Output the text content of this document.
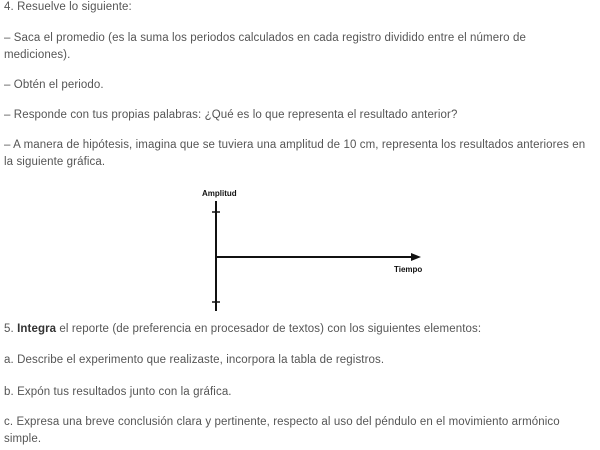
4. Resuelve lo siguiente:

– Saca el promedio (es la suma los periodos calculados en cada registro dividido entre el número de mediciones).

– Obtén el periodo.

– Responde con tus propias palabras: ¿Qué es lo que representa el resultado anterior?

– A manera de hipótesis, imagina que se tuviera una amplitud de 10 cm, representa los resultados anteriores en la siguiente gráfica.

Amplitud
Tiempo

5. Integra el reporte (de preferencia en procesador de textos) con los siguientes elementos:

a. Describe el experimento que realizaste, incorpora la tabla de registros.

b. Expón tus resultados junto con la gráfica.

c. Expresa una breve conclusión clara y pertinente, respecto al uso del péndulo en el movimiento armónico simple.
